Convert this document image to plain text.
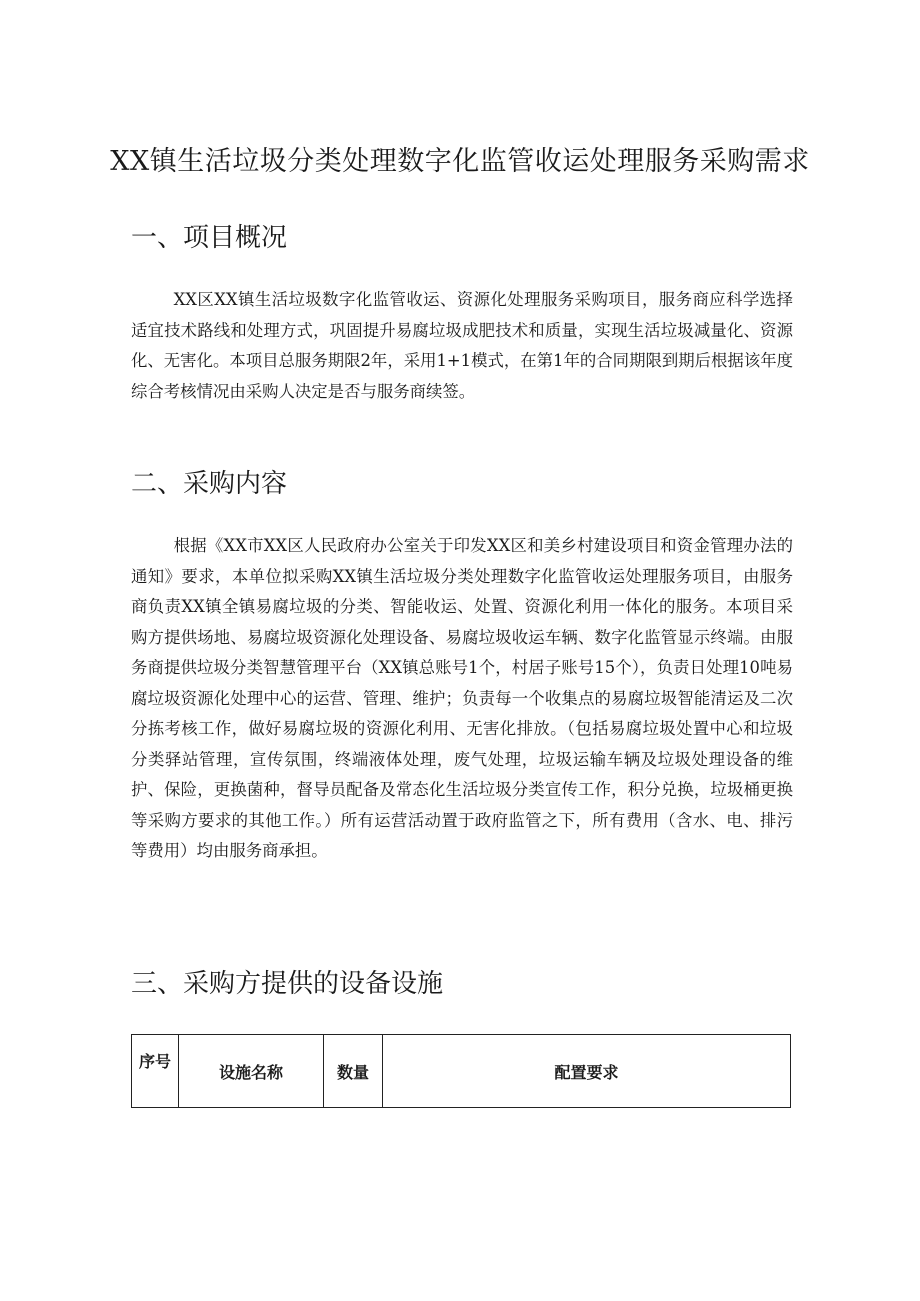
XX镇生活垃圾分类处理数字化监管收运处理服务采购需求
一、项目概况

XX区XX镇生活垃圾数字化监管收运、资源化处理服务采购项目，服务商应科学选择适宜技术路线和处理方式，巩固提升易腐垃圾成肥技术和质量，实现生活垃圾减量化、资源化、无害化。本项目总服务期限2年，采用1+1模式，在第1年的合同期限到期后根据该年度综合考核情况由采购人决定是否与服务商续签。

二、采购内容

根据《XX市XX区人民政府办公室关于印发XX区和美乡村建设项目和资金管理办法的通知》要求，本单位拟采购XX镇生活垃圾分类处理数字化监管收运处理服务项目，由服务商负责XX镇全镇易腐垃圾的分类、智能收运、处置、资源化利用一体化的服务。本项目采购方提供场地、易腐垃圾资源化处理设备、易腐垃圾收运车辆、数字化监管显示终端。由服务商提供垃圾分类智慧管理平台（XX镇总账号1个，村居子账号15个），负责日处理10吨易腐垃圾资源化处理中心的运营、管理、维护；负责每一个收集点的易腐垃圾智能清运及二次分拣考核工作，做好易腐垃圾的资源化利用、无害化排放。（包括易腐垃圾处置中心和垃圾分类驿站管理，宣传氛围，终端液体处理，废气处理，垃圾运输车辆及垃圾处理设备的维护、保险，更换菌种，督导员配备及常态化生活垃圾分类宣传工作，积分兑换，垃圾桶更换等采购方要求的其他工作。）所有运营活动置于政府监管之下，所有费用（含水、电、排污等费用）均由服务商承担。

三、采购方提供的设备设施
序号	设施名称	数量	配置要求
